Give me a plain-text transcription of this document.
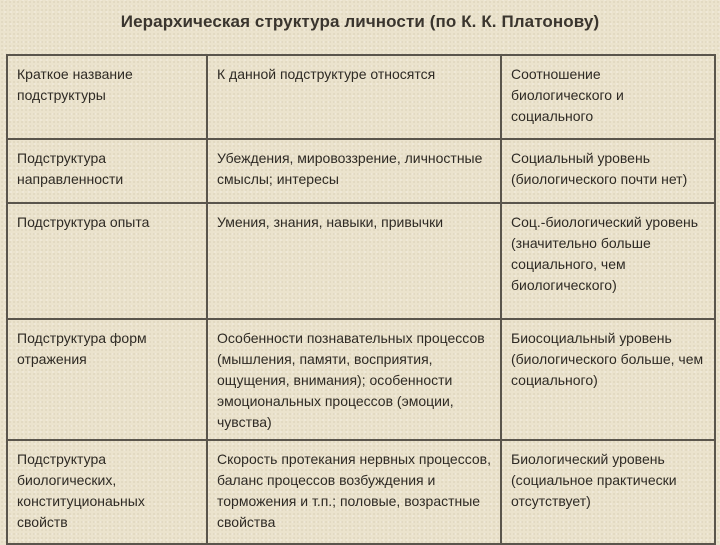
Иерархическая структура личности (по К. К. Платонову)
Краткое название подструктуры	К данной подструктуре относятся	Соотношение биологического и социального

Подструктура направленности	Убеждения, мировоззрение, личностные смыслы; интересы	Социальный уровень (биологического почти нет)

Подструктура опыта	Умения, знания, навыки, привычки	Соц.-биологический уровень (значительно больше социального, чем биологического)

Подструктура форм отражения	Особенности познавательных процессов (мышления, памяти, восприятия, ощущения, внимания); особенности эмоциональных процессов (эмоции, чувства)	Биосоциальный уровень (биологического больше, чем социального)

Подструктура биологических, конституционаьных свойств	Скорость протекания нервных процессов, баланс процессов возбуждения и торможения и т.п.; половые, возрастные свойства	Биологический уровень (социальное практически отсутствует)
